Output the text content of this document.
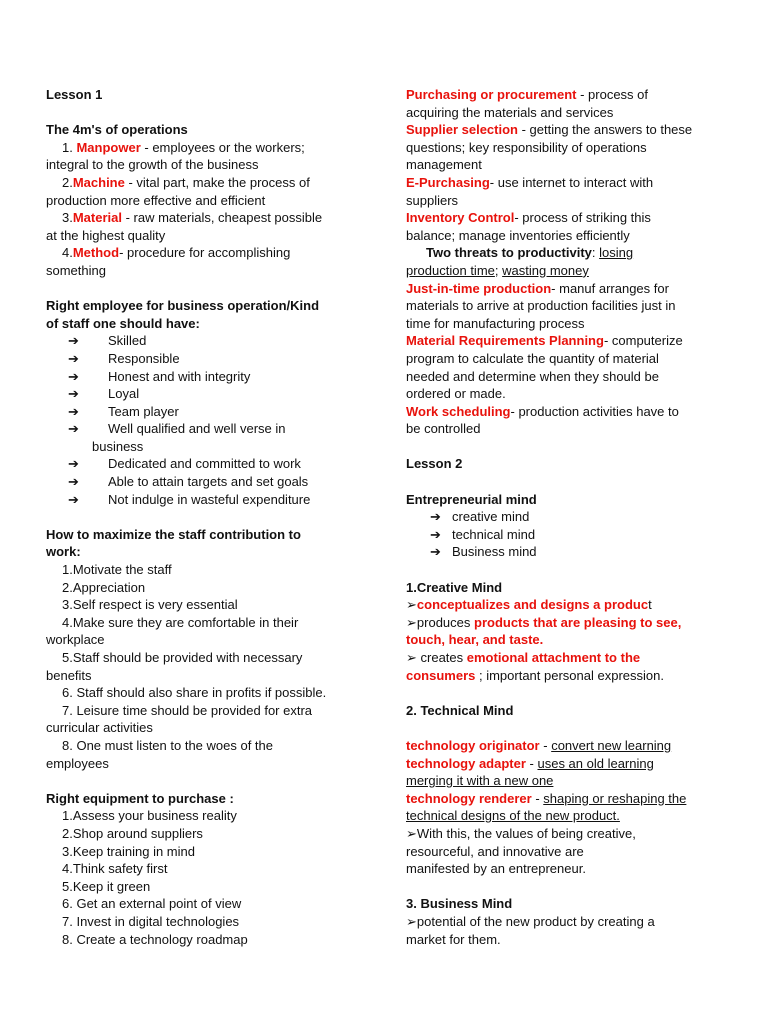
Lesson 1
The 4m's of operations
1. Manpower - employees or the workers;
integral to the growth of the business
2.Machine - vital part, make the process of
production more effective and efficient
3.Material - raw materials, cheapest possible
at the highest quality
4.Method- procedure for accomplishing
something
Right employee for business operation/Kind
of staff one should have:
➔ Skilled
➔ Responsible
➔ Honest and with integrity
➔ Loyal
➔ Team player
➔ Well qualified and well verse in
business
➔ Dedicated and committed to work
➔ Able to attain targets and set goals
➔ Not indulge in wasteful expenditure
How to maximize the staff contribution to
work:
1.Motivate the staff
2.Appreciation
3.Self respect is very essential
4.Make sure they are comfortable in their
workplace
5.Staff should be provided with necessary
benefits
6. Staff should also share in profits if possible.
7. Leisure time should be provided for extra
curricular activities
8. One must listen to the woes of the
employees
Right equipment to purchase :
1.Assess your business reality
2.Shop around suppliers
3.Keep training in mind
4.Think safety first
5.Keep it green
6. Get an external point of view
7. Invest in digital technologies
8. Create a technology roadmap
Purchasing or procurement - process of
acquiring the materials and services
Supplier selection - getting the answers to these
questions; key responsibility of operations
management
E-Purchasing- use internet to interact with
suppliers
Inventory Control- process of striking this
balance; manage inventories efficiently
Two threats to productivity: losing
production time; wasting money
Just-in-time production- manuf arranges for
materials to arrive at production facilities just in
time for manufacturing process
Material Requirements Planning- computerize
program to calculate the quantity of material
needed and determine when they should be
ordered or made.
Work scheduling- production activities have to
be controlled
Lesson 2
Entrepreneurial mind
➔ creative mind
➔ technical mind
➔ Business mind
1.Creative Mind
➢conceptualizes and designs a product
➢produces products that are pleasing to see,
touch, hear, and taste.
➢ creates emotional attachment to the
consumers ; important personal expression.
2. Technical Mind
technology originator - convert new learning
technology adapter - uses an old learning
merging it with a new one
technology renderer - shaping or reshaping the
technical designs of the new product.
➢With this, the values of being creative,
resourceful, and innovative are
manifested by an entrepreneur.
3. Business Mind
➢potential of the new product by creating a
market for them.
